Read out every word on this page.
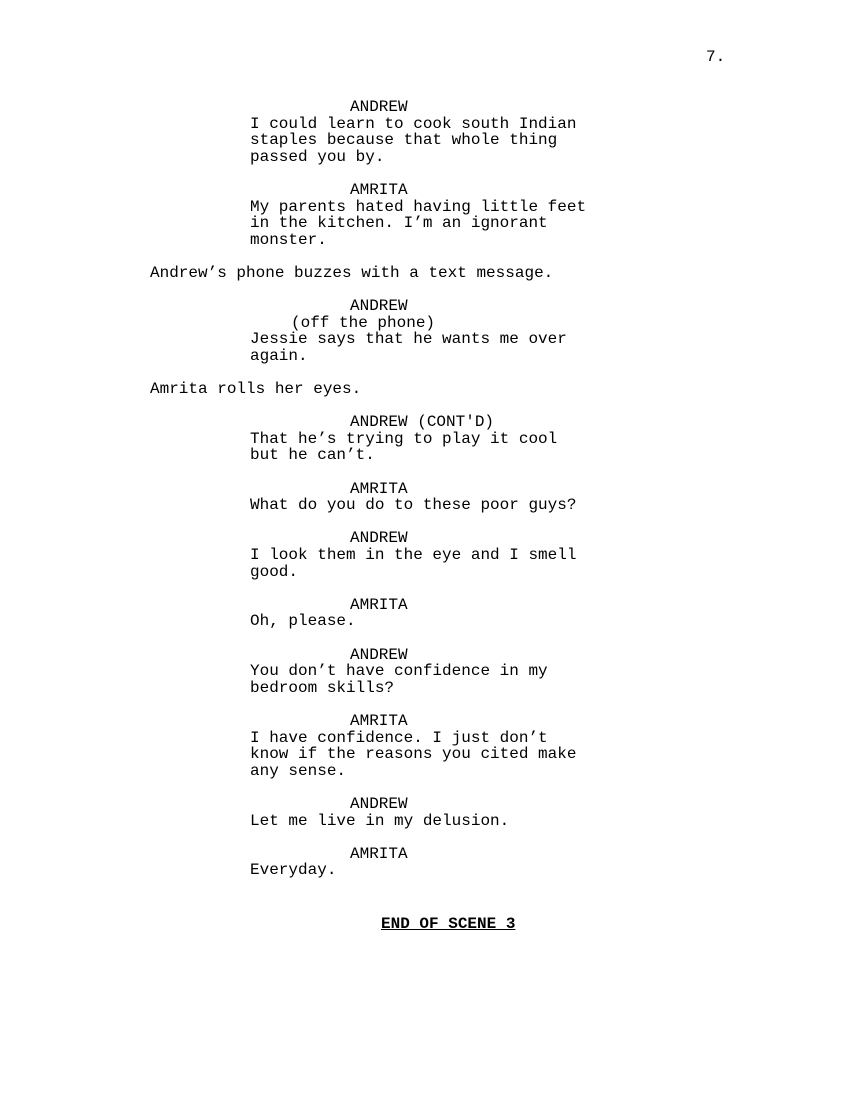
7.
ANDREW
I could learn to cook south Indian
staples because that whole thing
passed you by.
AMRITA
My parents hated having little feet
in the kitchen. I’m an ignorant
monster.
Andrew’s phone buzzes with a text message.
ANDREW
(off the phone)
Jessie says that he wants me over
again.
Amrita rolls her eyes.
ANDREW (CONT'D)
That he’s trying to play it cool
but he can’t.
AMRITA
What do you do to these poor guys?
ANDREW
I look them in the eye and I smell
good.
AMRITA
Oh, please.
ANDREW
You don’t have confidence in my
bedroom skills?
AMRITA
I have confidence. I just don’t
know if the reasons you cited make
any sense.
ANDREW
Let me live in my delusion.
AMRITA
Everyday.
END OF SCENE 3
